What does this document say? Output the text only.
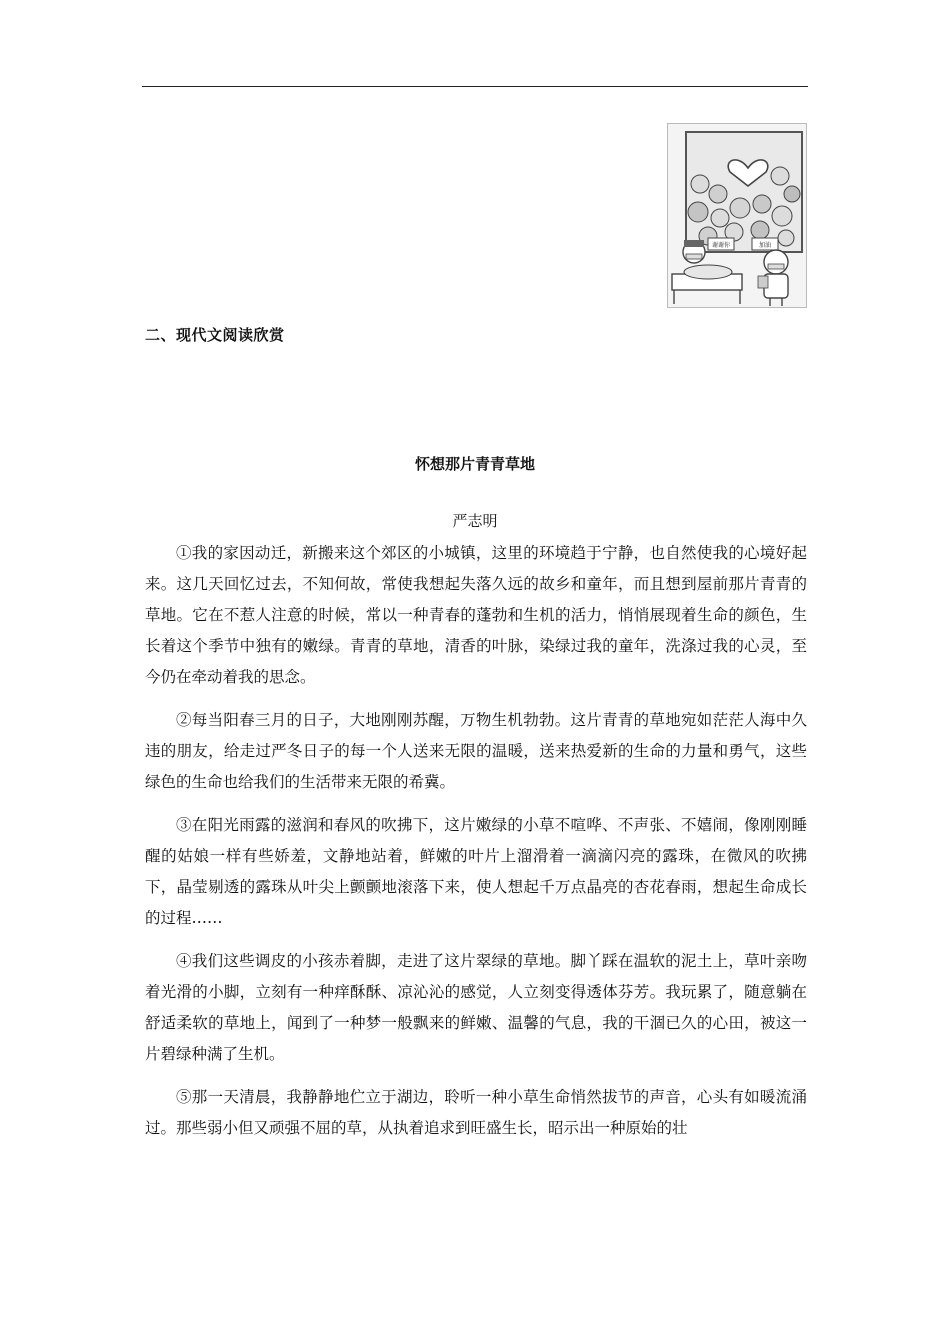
谢谢你	加油
二、现代文阅读欣赏
怀想那片青青草地
严志明

①我的家因动迁，新搬来这个郊区的小城镇，这里的环境趋于宁静，也自然使我的心境好起来。这几天回忆过去，不知何故，常使我想起失落久远的故乡和童年，而且想到屋前那片青青的草地。它在不惹人注意的时候，常以一种青春的蓬勃和生机的活力，悄悄展现着生命的颜色，生长着这个季节中独有的嫩绿。青青的草地，清香的叶脉，染绿过我的童年，洗涤过我的心灵，至今仍在牵动着我的思念。

②每当阳春三月的日子，大地刚刚苏醒，万物生机勃勃。这片青青的草地宛如茫茫人海中久违的朋友，给走过严冬日子的每一个人送来无限的温暖，送来热爱新的生命的力量和勇气，这些绿色的生命也给我们的生活带来无限的希冀。

③在阳光雨露的滋润和春风的吹拂下，这片嫩绿的小草不喧哗、不声张、不嬉闹，像刚刚睡醒的姑娘一样有些娇羞，文静地站着，鲜嫩的叶片上溜滑着一滴滴闪亮的露珠，在微风的吹拂下，晶莹剔透的露珠从叶尖上颤颤地滚落下来，使人想起千万点晶亮的杏花春雨，想起生命成长的过程……

④我们这些调皮的小孩赤着脚，走进了这片翠绿的草地。脚丫踩在温软的泥土上，草叶亲吻着光滑的小脚，立刻有一种痒酥酥、凉沁沁的感觉，人立刻变得透体芬芳。我玩累了，随意躺在舒适柔软的草地上，闻到了一种梦一般飘来的鲜嫩、温馨的气息，我的干涸已久的心田，被这一片碧绿种满了生机。

⑤那一天清晨，我静静地伫立于湖边，聆听一种小草生命悄然拔节的声音，心头有如暖流涌过。那些弱小但又顽强不屈的草，从执着追求到旺盛生长，昭示出一种原始的壮
